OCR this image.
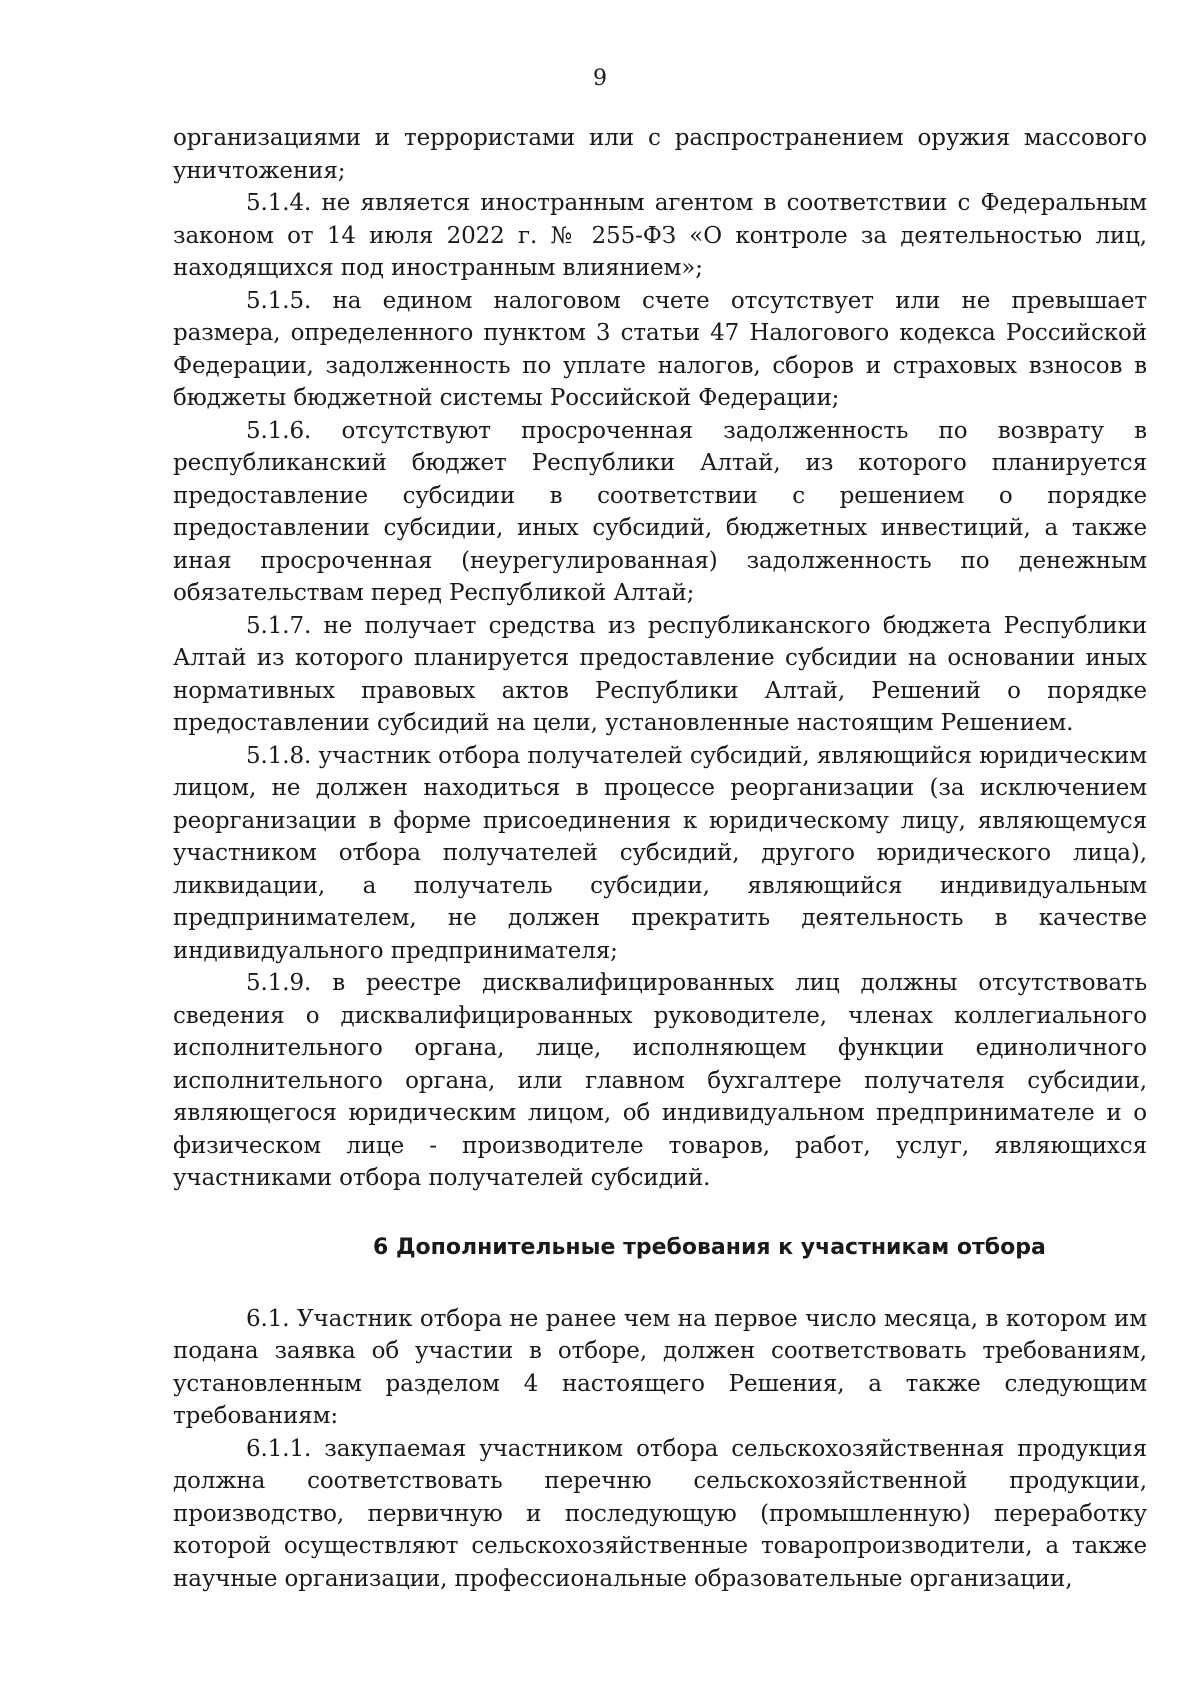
9

организациями и террористами или с распространением оружия массового уничтожения;

5.1.4. не является иностранным агентом в соответствии с Федеральным законом от 14 июля 2022 г. № 255-ФЗ «О контроле за деятельностью лиц, находящихся под иностранным влиянием»;

5.1.5. на едином налоговом счете отсутствует или не превышает размера, определенного пунктом 3 статьи 47 Налогового кодекса Российской Федерации, задолженность по уплате налогов, сборов и страховых взносов в бюджеты бюджетной системы Российской Федерации;

5.1.6. отсутствуют просроченная задолженность по возврату в республиканский бюджет Республики Алтай, из которого планируется предоставление субсидии в соответствии с решением о порядке предоставлении субсидии, иных субсидий, бюджетных инвестиций, а также иная просроченная (неурегулированная) задолженность по денежным обязательствам перед Республикой Алтай;

5.1.7. не получает средства из республиканского бюджета Республики Алтай из которого планируется предоставление субсидии на основании иных нормативных правовых актов Республики Алтай, Решений о порядке предоставлении субсидий на цели, установленные настоящим Решением.

5.1.8. участник отбора получателей субсидий, являющийся юридическим лицом, не должен находиться в процессе реорганизации (за исключением реорганизации в форме присоединения к юридическому лицу, являющемуся участником отбора получателей субсидий, другого юридического лица), ликвидации, а получатель субсидии, являющийся индивидуальным предпринимателем, не должен прекратить деятельность в качестве индивидуального предпринимателя;

5.1.9. в реестре дисквалифицированных лиц должны отсутствовать сведения о дисквалифицированных руководителе, членах коллегиального исполнительного органа, лице, исполняющем функции единоличного исполнительного органа, или главном бухгалтере получателя субсидии, являющегося юридическим лицом, об индивидуальном предпринимателе и о физическом лице - производителе товаров, работ, услуг, являющихся участниками отбора получателей субсидий.

6 Дополнительные требования к участникам отбора

6.1. Участник отбора не ранее чем на первое число месяца, в котором им подана заявка об участии в отборе, должен соответствовать требованиям, установленным разделом 4 настоящего Решения, а также следующим требованиям:

6.1.1. закупаемая участником отбора сельскохозяйственная продукция должна соответствовать перечню сельскохозяйственной продукции, производство, первичную и последующую (промышленную) переработку которой осуществляют сельскохозяйственные товаропроизводители, а также научные организации, профессиональные образовательные организации,
